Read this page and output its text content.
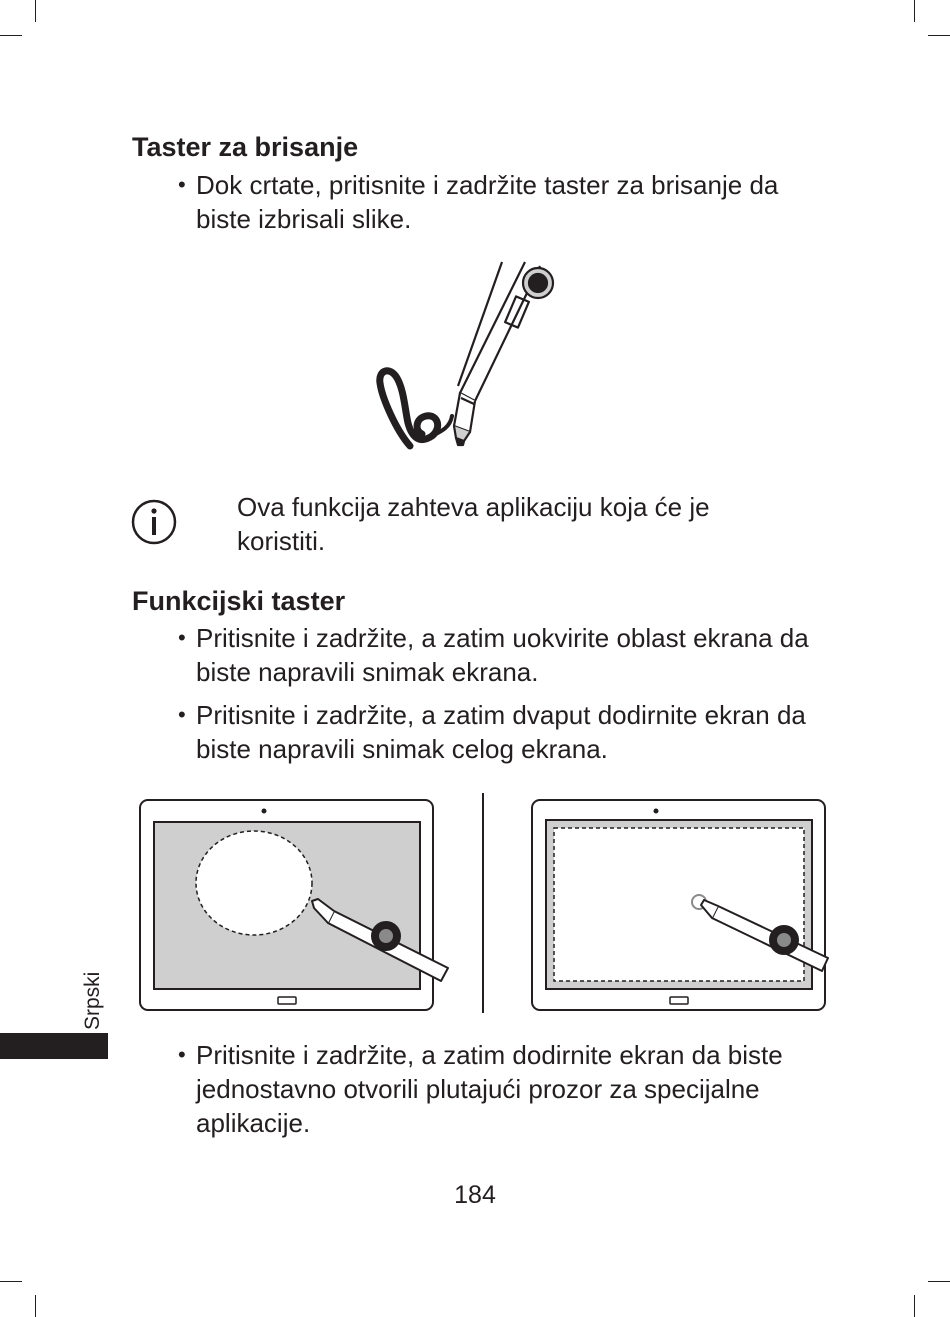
Taster za brisanje

• Dok crtate, pritisnite i zadržite taster za brisanje da biste izbrisali slike.

Ova funkcija zahteva aplikaciju koja će je koristiti.

Funkcijski taster

• Pritisnite i zadržite, a zatim uokvirite oblast ekrana da biste napravili snimak ekrana.

• Pritisnite i zadržite, a zatim dvaput dodirnite ekran da biste napravili snimak celog ekrana.

• Pritisnite i zadržite, a zatim dodirnite ekran da biste jednostavno otvorili plutajući prozor za specijalne aplikacije.

Srpski
184
